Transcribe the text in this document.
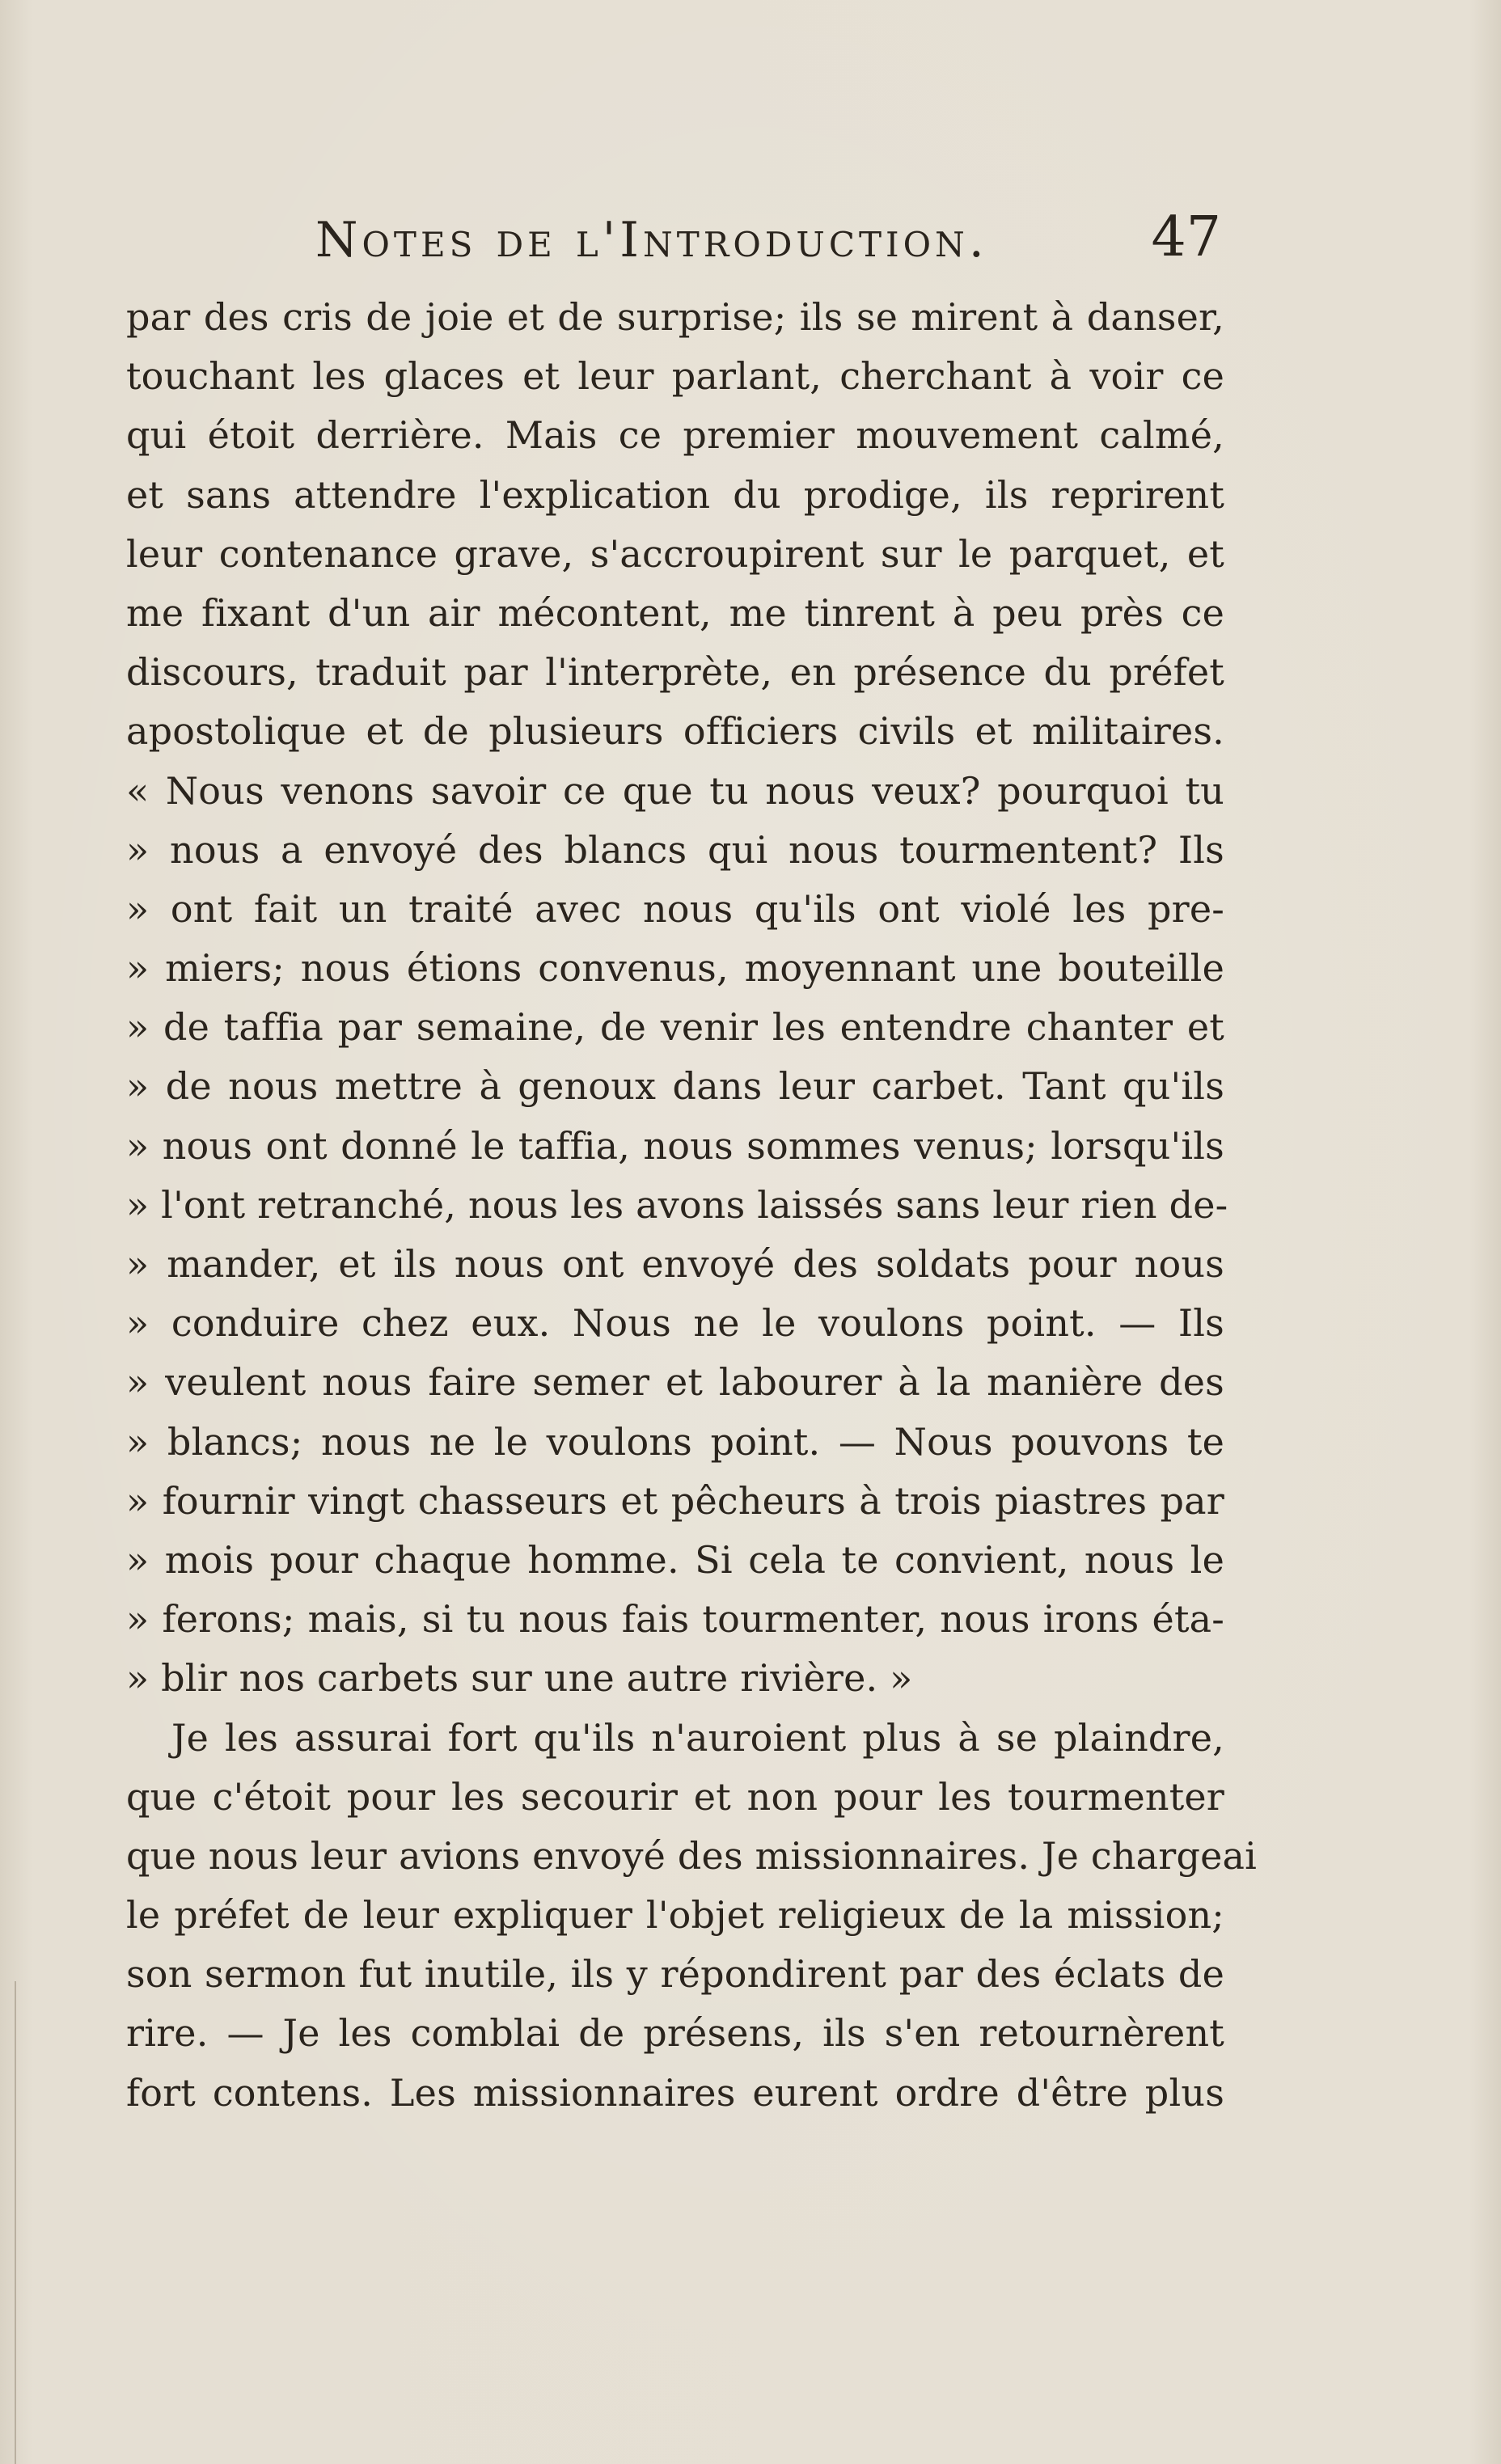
Notes de l'Introduction.	47
par des cris de joie et de surprise; ils se mirent à danser,
touchant les glaces et leur parlant, cherchant à voir ce
qui étoit derrière. Mais ce premier mouvement calmé,
et sans attendre l'explication du prodige, ils reprirent
leur contenance grave, s'accroupirent sur le parquet, et
me fixant d'un air mécontent, me tinrent à peu près ce
discours, traduit par l'interprète, en présence du préfet
apostolique et de plusieurs officiers civils et militaires.
« Nous venons savoir ce que tu nous veux? pourquoi tu
» nous a envoyé des blancs qui nous tourmentent? Ils
» ont fait un traité avec nous qu'ils ont violé les pre-
» miers; nous étions convenus, moyennant une bouteille
» de taffia par semaine, de venir les entendre chanter et
» de nous mettre à genoux dans leur carbet. Tant qu'ils
» nous ont donné le taffia, nous sommes venus; lorsqu'ils
» l'ont retranché, nous les avons laissés sans leur rien de-
» mander, et ils nous ont envoyé des soldats pour nous
» conduire chez eux. Nous ne le voulons point. — Ils
» veulent nous faire semer et labourer à la manière des
» blancs; nous ne le voulons point. — Nous pouvons te
» fournir vingt chasseurs et pêcheurs à trois piastres par
» mois pour chaque homme. Si cela te convient, nous le
» ferons; mais, si tu nous fais tourmenter, nous irons éta-
» blir nos carbets sur une autre rivière. »
Je les assurai fort qu'ils n'auroient plus à se plaindre,
que c'étoit pour les secourir et non pour les tourmenter
que nous leur avions envoyé des missionnaires. Je chargeai
le préfet de leur expliquer l'objet religieux de la mission;
son sermon fut inutile, ils y répondirent par des éclats de
rire. — Je les comblai de présens, ils s'en retournèrent
fort contens. Les missionnaires eurent ordre d'être plus
